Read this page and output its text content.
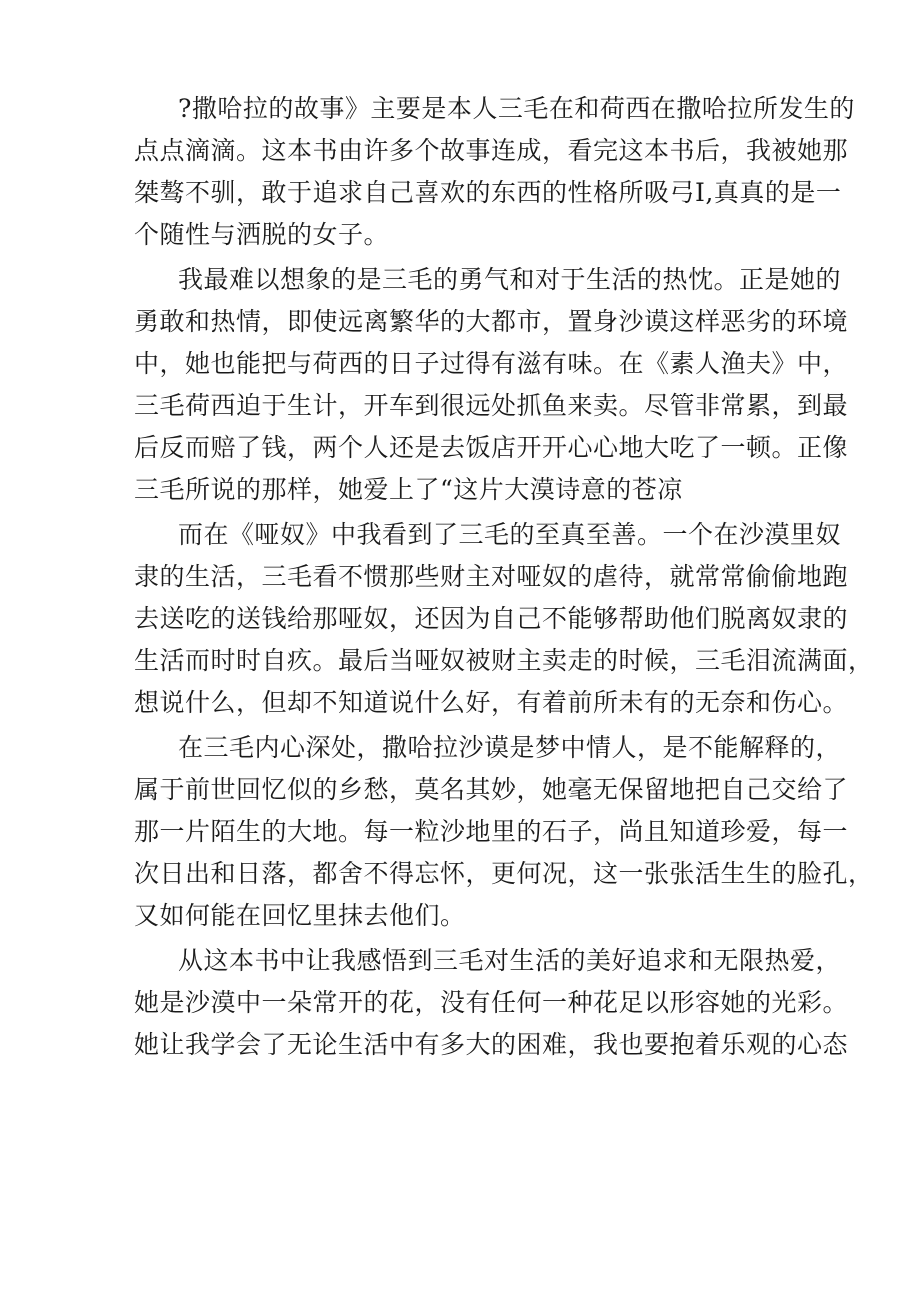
?撒哈拉的故事》主要是本人三毛在和荷西在撒哈拉所发生的
点点滴滴。这本书由许多个故事连成，看完这本书后，我被她那
桀骜不驯，敢于追求自己喜欢的东西的性格所吸弓I,真真的是一
个随性与洒脱的女子。
我最难以想象的是三毛的勇气和对于生活的热忱。正是她的
勇敢和热情，即使远离繁华的大都市，置身沙谟这样恶劣的环境
中，她也能把与荷西的日子过得有滋有味。在《素人渔夫》中，
三毛荷西迫于生计，开车到很远处抓鱼来卖。尽管非常累，到最
后反而赔了钱，两个人还是去饭店开开心心地大吃了一顿。正像
三毛所说的那样，她爱上了“这片大漠诗意的苍凉
而在《哑奴》中我看到了三毛的至真至善。一个在沙漠里奴
隶的生活，三毛看不惯那些财主对哑奴的虐待，就常常偷偷地跑
去送吃的送钱给那哑奴，还因为自己不能够帮助他们脱离奴隶的
生活而时时自疚。最后当哑奴被财主卖走的时候，三毛泪流满面，
想说什么，但却不知道说什么好，有着前所未有的无奈和伤心。
在三毛内心深处，撒哈拉沙谟是梦中情人，是不能解释的，
属于前世回忆似的乡愁，莫名其妙，她毫无保留地把自己交给了
那一片陌生的大地。每一粒沙地里的石子，尚且知道珍爱，每一
次日出和日落，都舍不得忘怀，更何况，这一张张活生生的脸孔，
又如何能在回忆里抹去他们。
从这本书中让我感悟到三毛对生活的美好追求和无限热爱，
她是沙漠中一朵常开的花，没有任何一种花足以形容她的光彩。
她让我学会了无论生活中有多大的困难，我也要抱着乐观的心态
